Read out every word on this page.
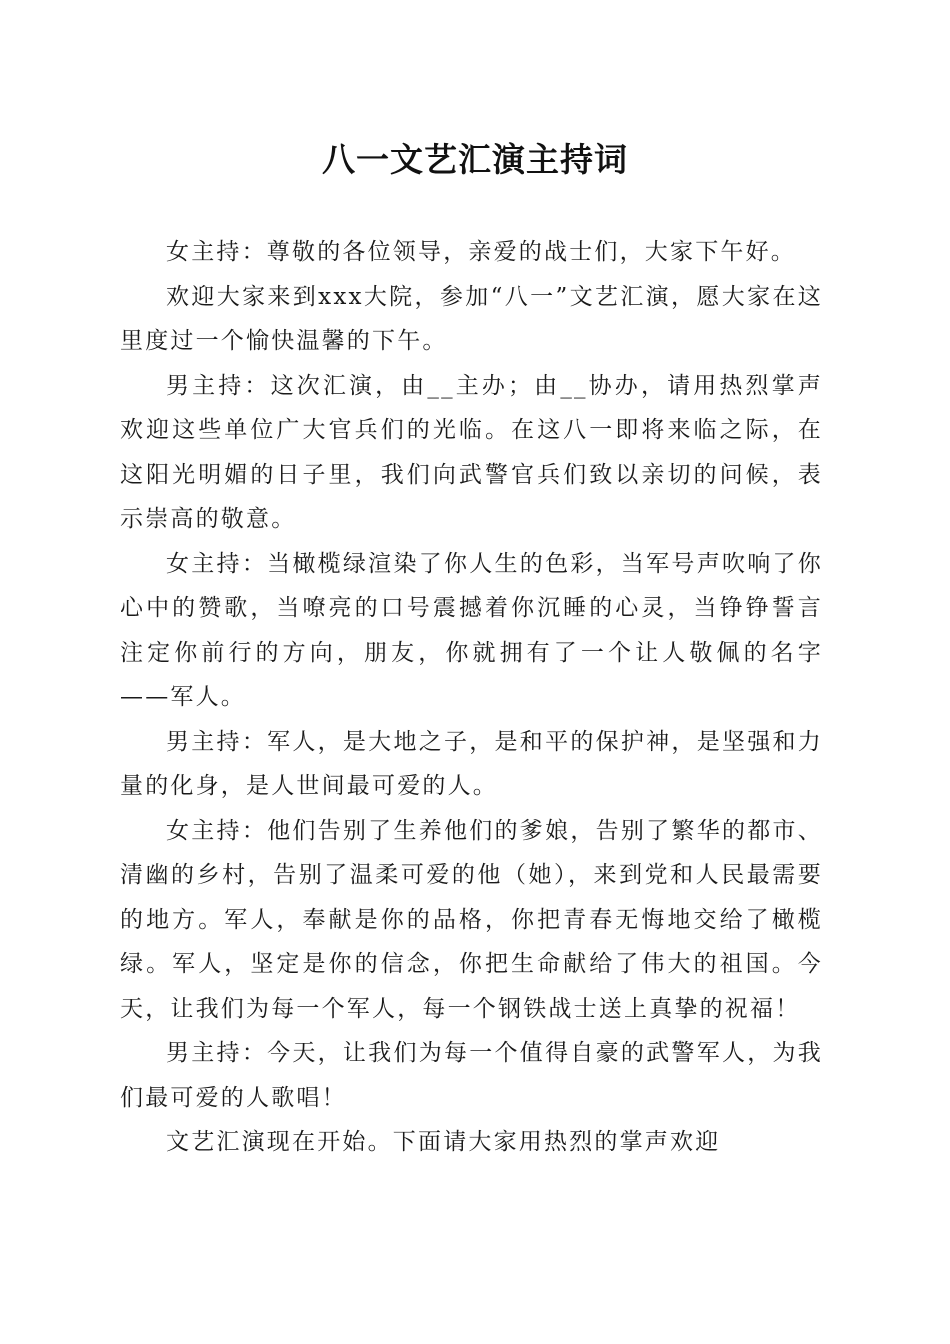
八一文艺汇演主持词

女主持：尊敬的各位领导，亲爱的战士们，大家下午好。

欢迎大家来到xxx大院，参加“八一”文艺汇演，愿大家在这里度过一个愉快温馨的下午。

男主持：这次汇演，由__主办；由__协办，请用热烈掌声欢迎这些单位广大官兵们的光临。在这八一即将来临之际，在这阳光明媚的日子里，我们向武警官兵们致以亲切的问候，表示崇高的敬意。

女主持：当橄榄绿渲染了你人生的色彩，当军号声吹响了你心中的赞歌，当嘹亮的口号震撼着你沉睡的心灵，当铮铮誓言注定你前行的方向，朋友，你就拥有了一个让人敬佩的名字——军人。

男主持：军人，是大地之子，是和平的保护神，是坚强和力量的化身，是人世间最可爱的人。

女主持：他们告别了生养他们的爹娘，告别了繁华的都市、清幽的乡村，告别了温柔可爱的他（她），来到党和人民最需要的地方。军人，奉献是你的品格，你把青春无悔地交给了橄榄绿。军人，坚定是你的信念，你把生命献给了伟大的祖国。今天，让我们为每一个军人，每一个钢铁战士送上真挚的祝福！

男主持：今天，让我们为每一个值得自豪的武警军人，为我们最可爱的人歌唱！

文艺汇演现在开始。下面请大家用热烈的掌声欢迎
